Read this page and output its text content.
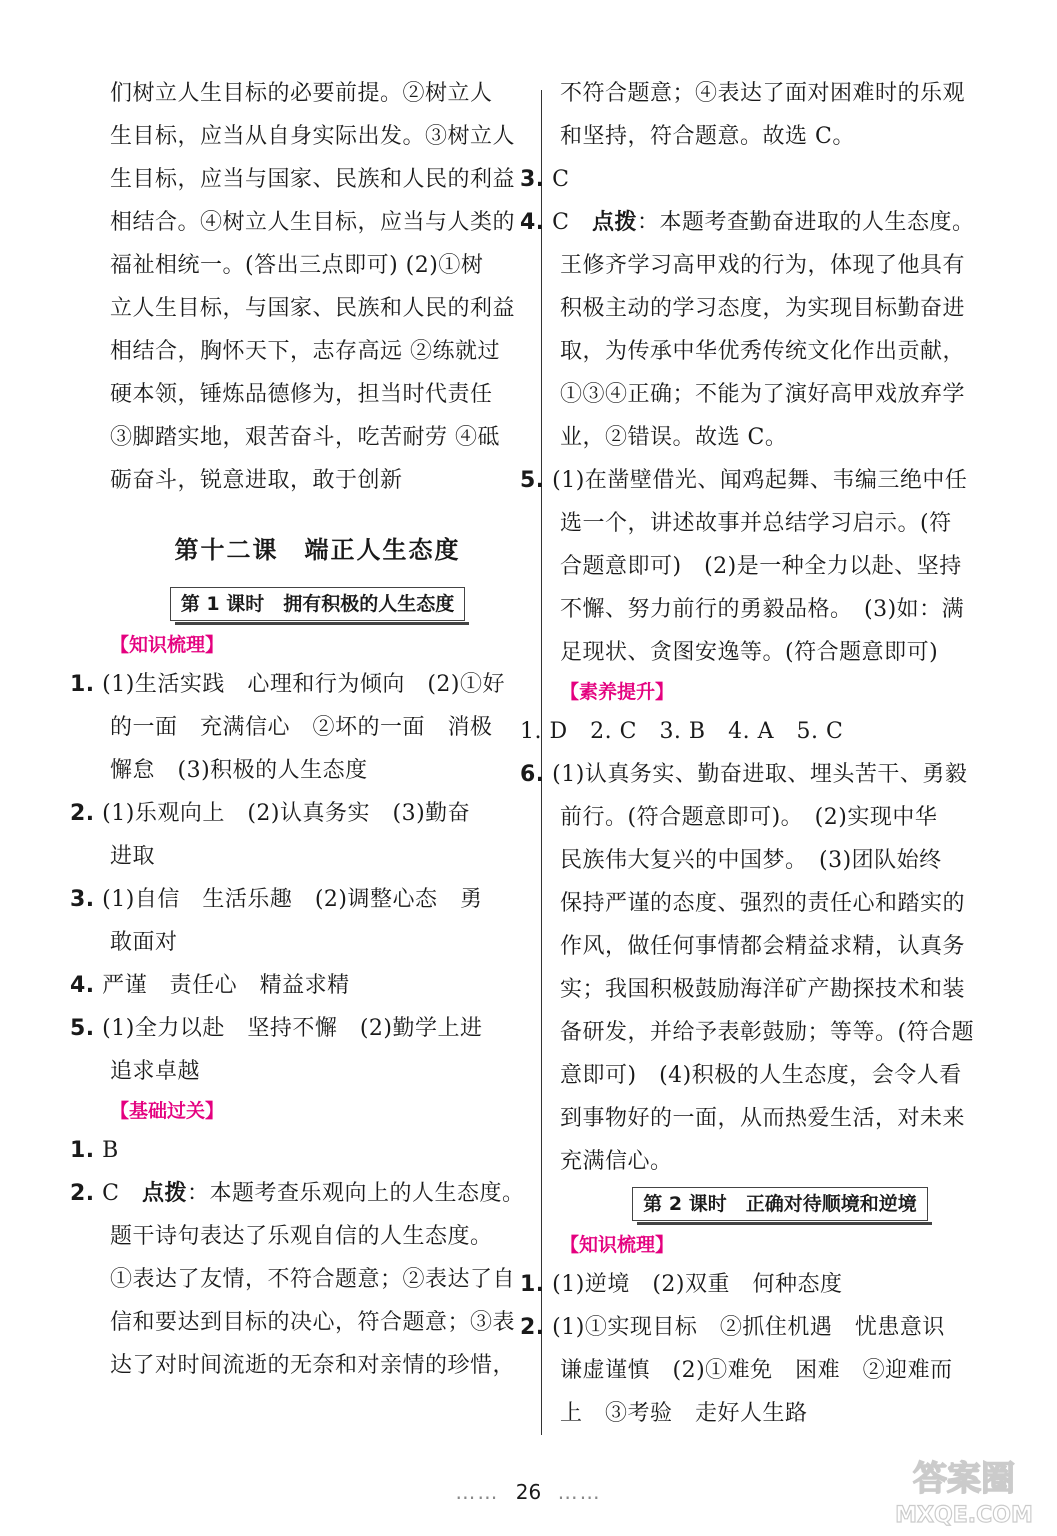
们树立人生目标的必要前提。②树立人
生目标，应当从自身实际出发。③树立人
生目标，应当与国家、民族和人民的利益
相结合。④树立人生目标，应当与人类的
福祉相统一。(答出三点即可) (2)①树
立人生目标，与国家、民族和人民的利益
相结合，胸怀天下，志存高远 ②练就过
硬本领，锤炼品德修为，担当时代责任
③脚踏实地，艰苦奋斗，吃苦耐劳 ④砥
砺奋斗，锐意进取，敢于创新
第十二课　端正人生态度
第 1 课时　拥有积极的人生态度
【知识梳理】
1. (1)生活实践　心理和行为倾向　(2)①好
的一面　充满信心　②坏的一面　消极
懈怠　(3)积极的人生态度
2. (1)乐观向上　(2)认真务实　(3)勤奋
进取
3. (1)自信　生活乐趣　(2)调整心态　勇
敢面对
4. 严谨　责任心　精益求精
5. (1)全力以赴　坚持不懈　(2)勤学上进
追求卓越
【基础过关】
1. B
2. C　点拨：本题考查乐观向上的人生态度。
题干诗句表达了乐观自信的人生态度。
①表达了友情，不符合题意；②表达了自
信和要达到目标的决心，符合题意；③表
达了对时间流逝的无奈和对亲情的珍惜，
不符合题意；④表达了面对困难时的乐观
和坚持，符合题意。故选 C。
3. C
4. C　点拨：本题考查勤奋进取的人生态度。
王修齐学习高甲戏的行为，体现了他具有
积极主动的学习态度，为实现目标勤奋进
取，为传承中华优秀传统文化作出贡献，
①③④正确；不能为了演好高甲戏放弃学
业，②错误。故选 C。
5. (1)在凿壁借光、闻鸡起舞、韦编三绝中任
选一个，讲述故事并总结学习启示。(符
合题意即可)　(2)是一种全力以赴、坚持
不懈、努力前行的勇毅品格。　(3)如：满
足现状、贪图安逸等。(符合题意即可)
【素养提升】
1. D　2. C　3. B　4. A　5. C
6. (1)认真务实、勤奋进取、埋头苦干、勇毅
前行。(符合题意即可)。　(2)实现中华
民族伟大复兴的中国梦。　(3)团队始终
保持严谨的态度、强烈的责任心和踏实的
作风，做任何事情都会精益求精，认真务
实；我国积极鼓励海洋矿产勘探技术和装
备研发，并给予表彰鼓励；等等。(符合题
意即可)　(4)积极的人生态度，会令人看
到事物好的一面，从而热爱生活，对未来
充满信心。
第 2 课时　正确对待顺境和逆境
【知识梳理】
1. (1)逆境　(2)双重　何种态度
2. (1)①实现目标　②抓住机遇　忧患意识
谦虚谨慎　(2)①难免　困难　②迎难而
上　③考验　走好人生路
…… 26 ……	答案圈
MXQE.COM
